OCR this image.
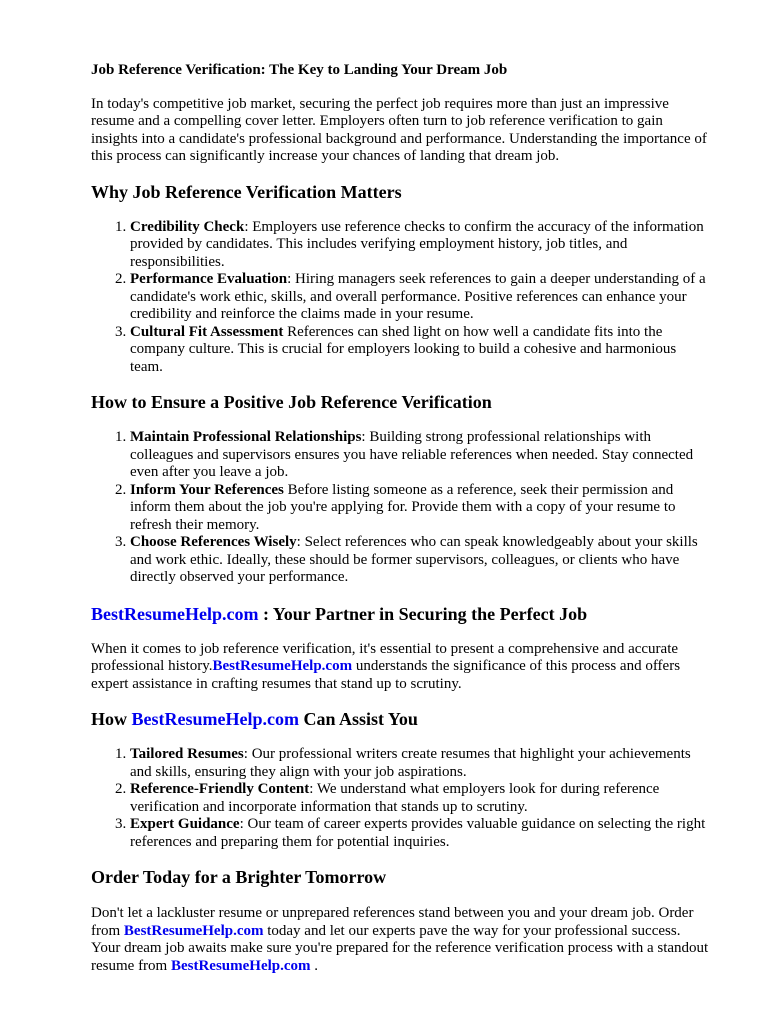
Job Reference Verification: The Key to Landing Your Dream Job

In today's competitive job market, securing the perfect job requires more than just an impressive resume and a compelling cover letter. Employers often turn to job reference verification to gain insights into a candidate's professional background and performance. Understanding the importance of this process can significantly increase your chances of landing that dream job.

Why Job Reference Verification Matters
1. Credibility Check: Employers use reference checks to confirm the accuracy of the information provided by candidates. This includes verifying employment history, job titles, and responsibilities.
2. Performance Evaluation: Hiring managers seek references to gain a deeper understanding of a candidate's work ethic, skills, and overall performance. Positive references can enhance your credibility and reinforce the claims made in your resume.
3. Cultural Fit Assessment References can shed light on how well a candidate fits into the company culture. This is crucial for employers looking to build a cohesive and harmonious team.
How to Ensure a Positive Job Reference Verification
1. Maintain Professional Relationships: Building strong professional relationships with colleagues and supervisors ensures you have reliable references when needed. Stay connected even after you leave a job.
2. Inform Your References Before listing someone as a reference, seek their permission and inform them about the job you're applying for. Provide them with a copy of your resume to refresh their memory.
3. Choose References Wisely: Select references who can speak knowledgeably about your skills and work ethic. Ideally, these should be former supervisors, colleagues, or clients who have directly observed your performance.
BestResumeHelp.com : Your Partner in Securing the Perfect Job

When it comes to job reference verification, it's essential to present a comprehensive and accurate professional history.BestResumeHelp.com understands the significance of this process and offers expert assistance in crafting resumes that stand up to scrutiny.

How BestResumeHelp.com Can Assist You
1. Tailored Resumes: Our professional writers create resumes that highlight your achievements and skills, ensuring they align with your job aspirations.
2. Reference-Friendly Content: We understand what employers look for during reference verification and incorporate information that stands up to scrutiny.
3. Expert Guidance: Our team of career experts provides valuable guidance on selecting the right references and preparing them for potential inquiries.
Order Today for a Brighter Tomorrow

Don't let a lackluster resume or unprepared references stand between you and your dream job. Order from BestResumeHelp.com today and let our experts pave the way for your professional success. Your dream job awaits make sure you're prepared for the reference verification process with a standout resume from BestResumeHelp.com .
